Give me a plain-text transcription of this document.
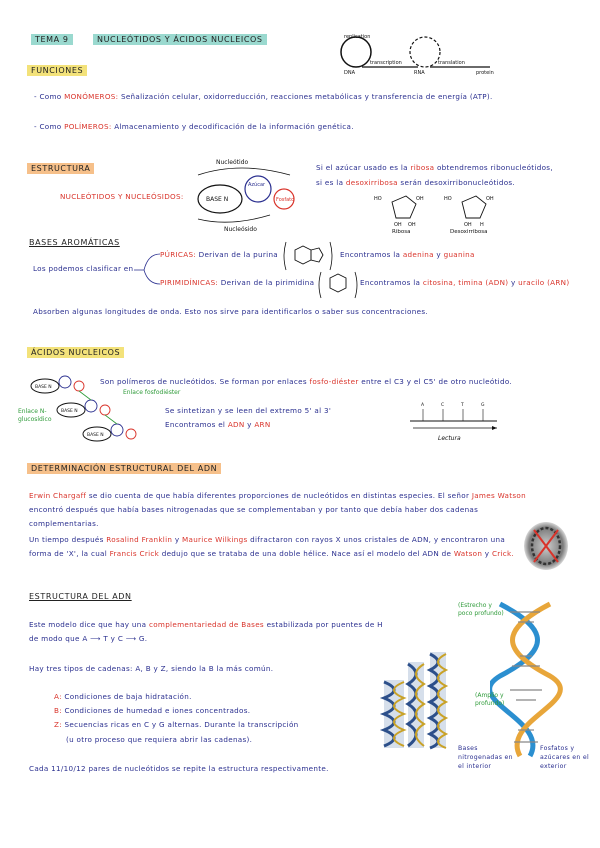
TEMA 9	NUCLEÓTIDOS Y ÁCIDOS NUCLEICOS	replication
DNA
transcription
RNA
translation
protein
FUNCIONES
- Como MONÓMEROS: Señalización celular, oxidorreducción, reacciones metabólicas y transferencia de energía (ATP).
- Como POLÍMEROS: Almacenamiento y decodificación de la información genética.
ESTRUCTURA
NUCLEÓTIDOS Y NUCLEÓSIDOS:
Nucleótido
BASE N
Azúcar
Fosfato
Nucleósido
Si el azúcar usado es la ribosa obtendremos ribonucleótidos,
si es la desoxirribosa serán desoxirribonucleótidos.
HO	OH
OH OH
Ribosa
HO	OH
OH H
Desoxirribosa
BASES AROMÁTICAS
Los podemos clasificar en
PÚRICAS: Derivan de la purina	Encontramos la adenina y guanina
PIRIMIDÍNICAS: Derivan de la pirimidina	Encontramos la citosina, timina (ADN) y uracilo (ARN)
Absorben algunas longitudes de onda. Esto nos sirve para identificarlos o saber sus concentraciones.
ÁCIDOS NUCLEICOS
BASE N
BASE N
BASE N
Enlace fosfodiéster
Enlace N-glucosídico
Son polímeros de nucleótidos. Se forman por enlaces fosfo-diéster entre el C3 y el C5' de otro nucleótido.
Se sintetizan y se leen del extremo 5' al 3'
Encontramos el ADN y ARN
A	C	T	G
Lectura
DETERMINACIÓN ESTRUCTURAL DEL ADN
Erwin Chargaff se dio cuenta de que había diferentes proporciones de nucleótidos en distintas especies. El señor James Watson encontró después que había bases nitrogenadas que se complementaban y por tanto que debía haber dos cadenas complementarias.
Un tiempo después Rosalind Franklin y Maurice Wilkings difractaron con rayos X unos cristales de ADN, y encontraron una forma de 'X', la cual Francis Crick dedujo que se trataba de una doble hélice. Nace así el modelo del ADN de Watson y Crick.
ESTRUCTURA DEL ADN
Este modelo dice que hay una complementariedad de Bases estabilizada por puentes de H
de modo que A ⟶ T y C ⟶ G.
Hay tres tipos de cadenas: A, B y Z, siendo la B la más común.
A: Condiciones de baja hidratación.
B: Condiciones de humedad e iones concentrados.
Z: Secuencias ricas en C y G alternas. Durante la transcripción
(u otro proceso que requiera abrir las cadenas).
Cada 11/10/12 pares de nucleótidos se repite la estructura respectivamente.
(Estrecho y poco profundo)
(Amplio y profundo)
Bases nitrogenadas en el interior
Fosfatos y azúcares en el exterior
